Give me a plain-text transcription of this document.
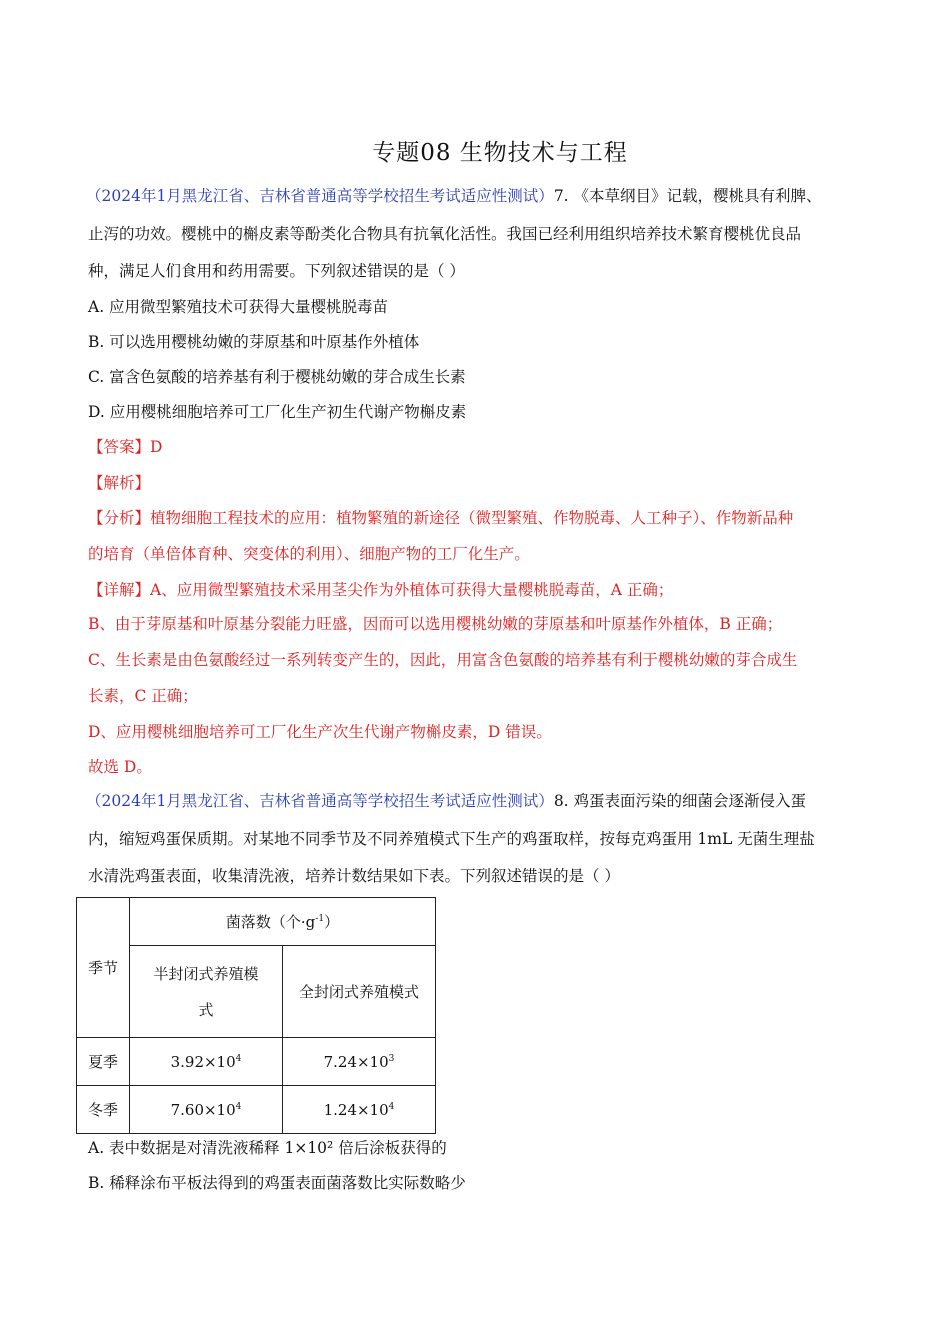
专题08 生物技术与工程
（2024年1月黑龙江省、吉林省普通高等学校招生考试适应性测试）7. 《本草纲目》记载，樱桃具有利脾、
止泻的功效。樱桃中的槲皮素等酚类化合物具有抗氧化活性。我国已经利用组织培养技术繁育樱桃优良品
种，满足人们食用和药用需要。下列叙述错误的是（ ）
A. 应用微型繁殖技术可获得大量樱桃脱毒苗
B. 可以选用樱桃幼嫩的芽原基和叶原基作外植体
C. 富含色氨酸的培养基有利于樱桃幼嫩的芽合成生长素
D. 应用樱桃细胞培养可工厂化生产初生代谢产物槲皮素
【答案】D
【解析】
【分析】植物细胞工程技术的应用：植物繁殖的新途径（微型繁殖、作物脱毒、人工种子）、作物新品种
的培育（单倍体育种、突变体的利用）、细胞产物的工厂化生产。
【详解】A、应用微型繁殖技术采用茎尖作为外植体可获得大量樱桃脱毒苗，A 正确；
B、由于芽原基和叶原基分裂能力旺盛，因而可以选用樱桃幼嫩的芽原基和叶原基作外植体，B 正确；
C、生长素是由色氨酸经过一系列转变产生的，因此，用富含色氨酸的培养基有利于樱桃幼嫩的芽合成生
长素，C 正确；
D、应用樱桃细胞培养可工厂化生产次生代谢产物槲皮素，D 错误。
故选 D。
（2024年1月黑龙江省、吉林省普通高等学校招生考试适应性测试）8. 鸡蛋表面污染的细菌会逐渐侵入蛋
内，缩短鸡蛋保质期。对某地不同季节及不同养殖模式下生产的鸡蛋取样，按每克鸡蛋用 1mL 无菌生理盐
水清洗鸡蛋表面，收集清洗液，培养计数结果如下表。下列叙述错误的是（ ）
季节	菌落数（个$\cdot g^{-1}$）	
	半封闭式养殖模
式	全封闭式养殖模式
夏季	$3.92\times 10^4$	$7.24\times 10^3$
冬季	$7.60\times 10^4$	$1.24\times 10^4$
A. 表中数据是对清洗液稀释 1×10² 倍后涂板获得的
B. 稀释涂布平板法得到的鸡蛋表面菌落数比实际数略少
